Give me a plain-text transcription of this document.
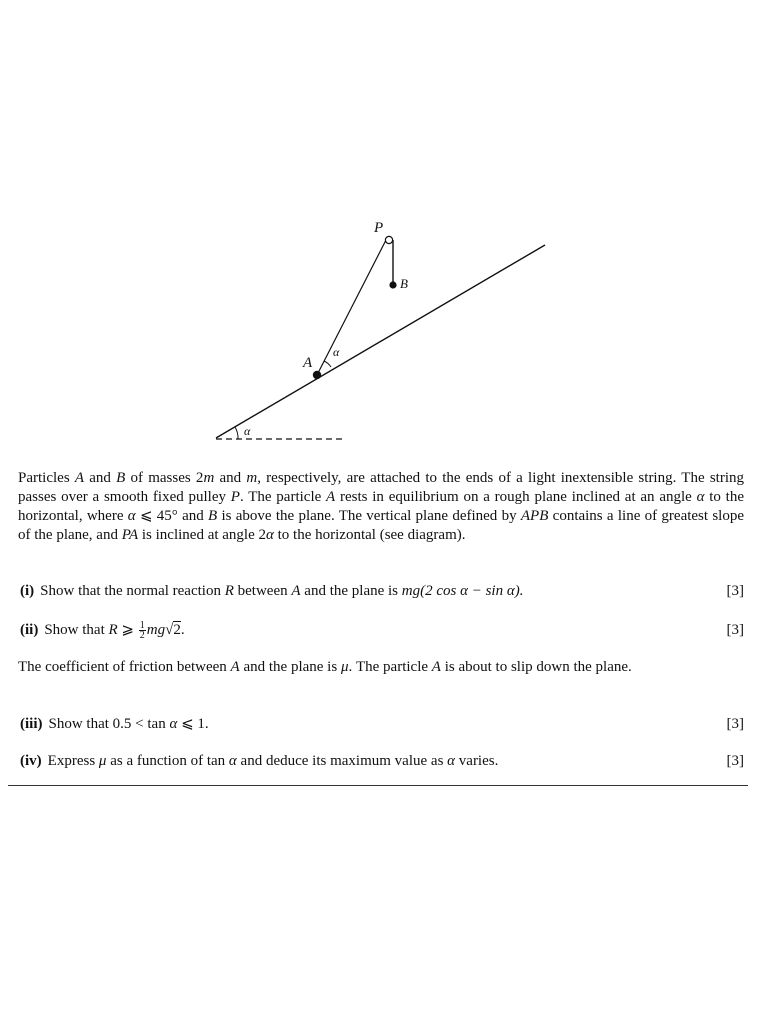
P
B
A
α
α
Particles A and B of masses 2m and m, respectively, are attached to the ends of a light inextensible string. The string passes over a smooth fixed pulley P. The particle A rests in equilibrium on a rough plane inclined at an angle α to the horizontal, where α ⩽ 45° and B is above the plane. The vertical plane defined by APB contains a line of greatest slope of the plane, and PA is inclined at angle 2α to the horizontal (see diagram).
(i) Show that the normal reaction R between A and the plane is mg(2 cos α − sin α).	[3]
(ii) Show that R ⩾ $\frac{1}{2} mg√2$.	[3]
The coefficient of friction between A and the plane is μ. The particle A is about to slip down the plane.
(iii) Show that 0.5 < tan α ⩽ 1.	[3]
(iv) Express μ as a function of tan α and deduce its maximum value as α varies.	[3]
